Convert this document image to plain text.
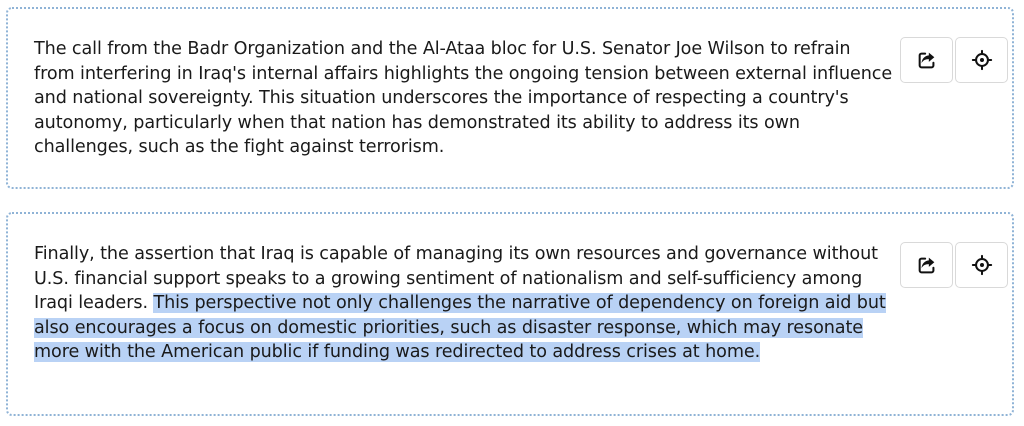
The call from the Badr Organization and the Al-Ataa bloc for U.S. Senator Joe Wilson to refrain from interfering in Iraq's internal affairs highlights the ongoing tension between external influence and national sovereignty. This situation underscores the importance of respecting a country's autonomy, particularly when that nation has demonstrated its ability to address its own challenges, such as the fight against terrorism.

Finally, the assertion that Iraq is capable of managing its own resources and governance without U.S. financial support speaks to a growing sentiment of nationalism and self-sufficiency among Iraqi leaders. This perspective not only challenges the narrative of dependency on foreign aid but also encourages a focus on domestic priorities, such as disaster response, which may resonate more with the American public if funding was redirected to address crises at home.
